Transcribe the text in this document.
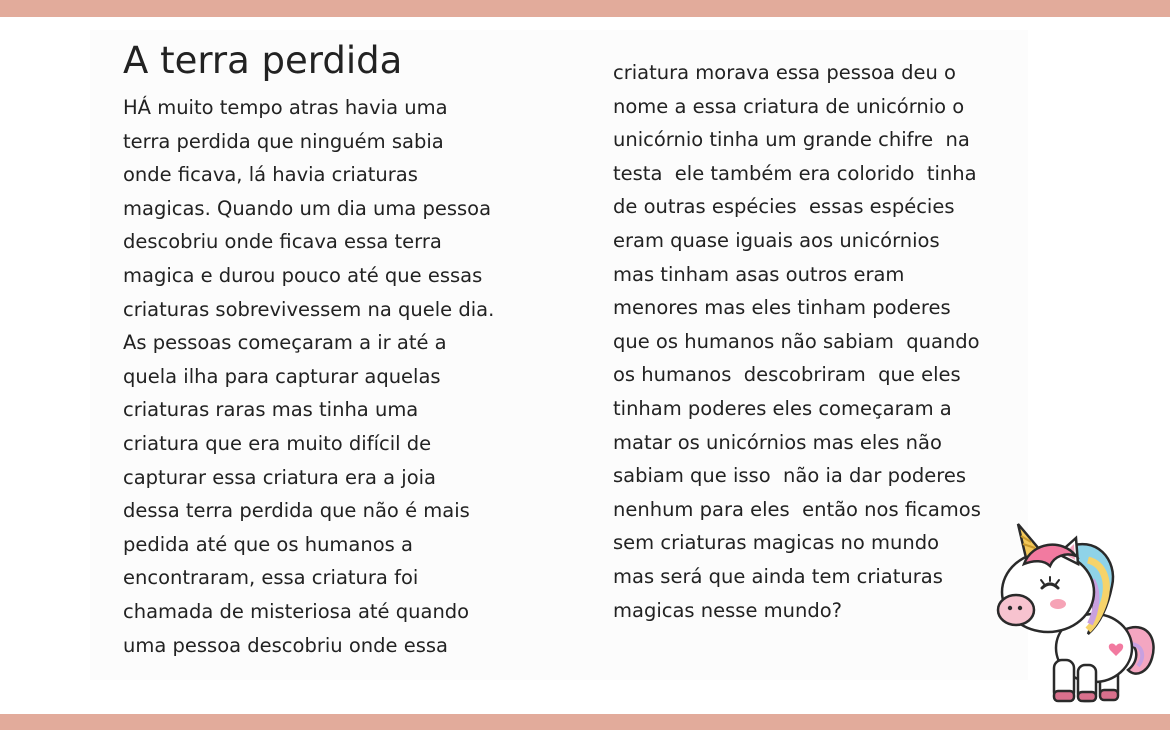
A terra perdida
HÁ muito tempo atras havia uma
terra perdida que ninguém sabia
onde ficava, lá havia criaturas
magicas. Quando um dia uma pessoa
descobriu onde ficava essa terra
magica e durou pouco até que essas
criaturas sobrevivessem na quele dia.
As pessoas começaram a ir até a
quela ilha para capturar aquelas
criaturas raras mas tinha uma
criatura que era muito difícil de
capturar essa criatura era a joia
dessa terra perdida que não é mais
pedida até que os humanos a
encontraram, essa criatura foi
chamada de misteriosa até quando
uma pessoa descobriu onde essa
criatura morava essa pessoa deu o
nome a essa criatura de unicórnio o
unicórnio tinha um grande chifre  na
testa  ele também era colorido  tinha
de outras espécies  essas espécies
eram quase iguais aos unicórnios
mas tinham asas outros eram
menores mas eles tinham poderes
que os humanos não sabiam  quando
os humanos  descobriram  que eles
tinham poderes eles começaram a
matar os unicórnios mas eles não
sabiam que isso  não ia dar poderes
nenhum para eles  então nos ficamos
sem criaturas magicas no mundo
mas será que ainda tem criaturas
magicas nesse mundo?
